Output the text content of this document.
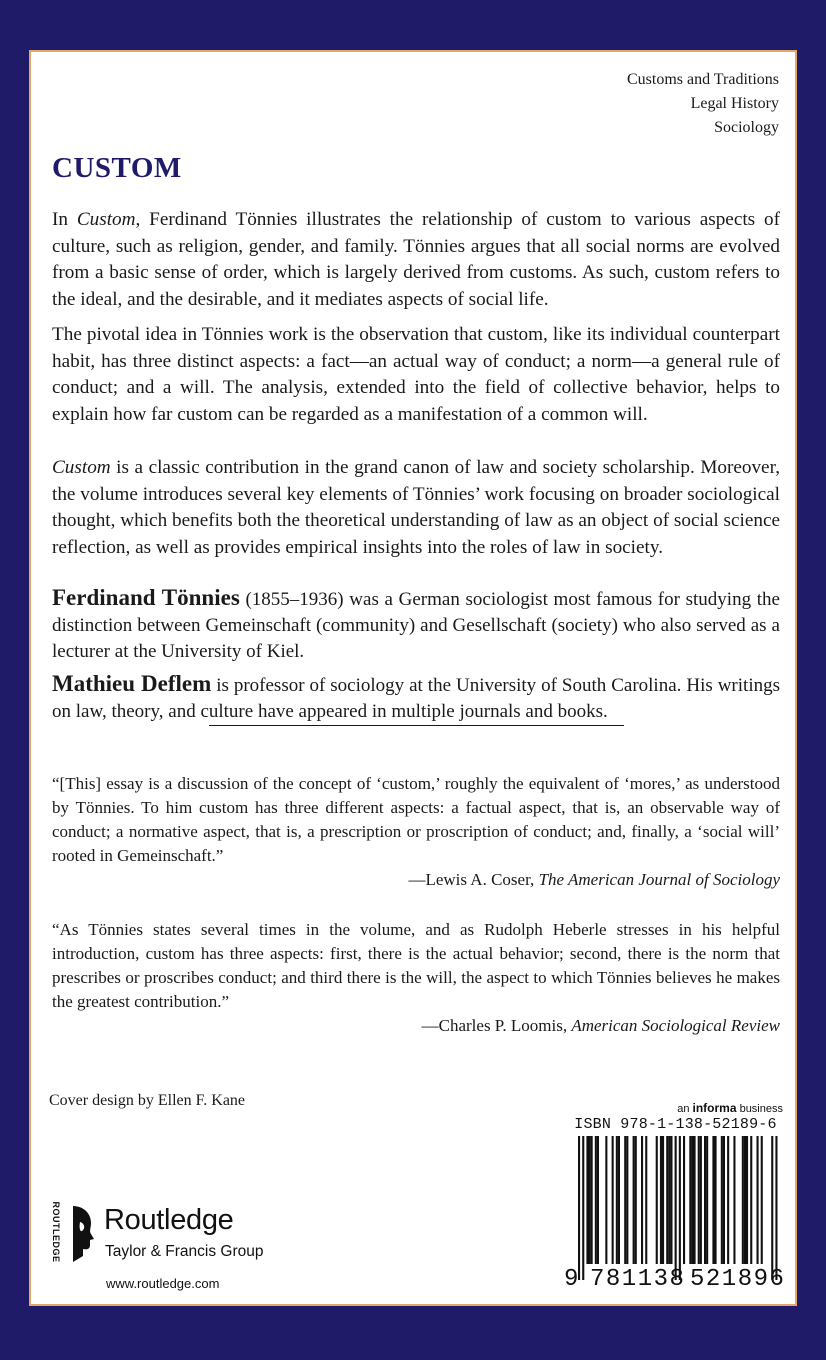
Customs and Traditions
Legal History
Sociology
CUSTOM

In Custom, Ferdinand Tönnies illustrates the relationship of custom to various aspects of culture, such as religion, gender, and family. Tönnies argues that all social norms are evolved from a basic sense of order, which is largely derived from customs. As such, custom refers to the ideal, and the desirable, and it mediates aspects of social life.

The pivotal idea in Tönnies work is the observation that custom, like its individual counterpart habit, has three distinct aspects: a fact—an actual way of conduct; a norm—a general rule of conduct; and a will. The analysis, extended into the field of collective behavior, helps to explain how far custom can be regarded as a manifestation of a common will.

Custom is a classic contribution in the grand canon of law and society scholarship. Moreover, the volume introduces several key elements of Tönnies’ work focusing on broader sociological thought, which benefits both the theoretical understanding of law as an object of social science reflection, as well as provides empirical insights into the roles of law in society.

Ferdinand Tönnies (1855–1936) was a German sociologist most famous for studying the distinction between Gemeinschaft (community) and Gesellschaft (society) who also served as a lecturer at the University of Kiel.

Mathieu Deflem is professor of sociology at the University of South Carolina. His writings on law, theory, and culture have appeared in multiple journals and books.

“[This] essay is a discussion of the concept of ‘custom,’ roughly the equivalent of ‘mores,’ as understood by Tönnies. To him custom has three different aspects: a factual aspect, that is, an observable way of conduct; a normative aspect, that is, a prescription or proscription of conduct; and, finally, a ‘social will’ rooted in Gemeinschaft.”
—Lewis A. Coser, The American Journal of Sociology

“As Tönnies states several times in the volume, and as Rudolph Heberle stresses in his helpful introduction, custom has three aspects: first, there is the actual behavior; second, there is the norm that prescribes or proscribes conduct; and third there is the will, the aspect to which Tönnies believes he makes the greatest contribution.”
—Charles P. Loomis, American Sociological Review

Cover design by Ellen F. Kane
ROUTLEDGE Routledge
Taylor & Francis Group
www.routledge.com
an informa business
ISBN 978-1-138-52189-6
9 781138 521896
